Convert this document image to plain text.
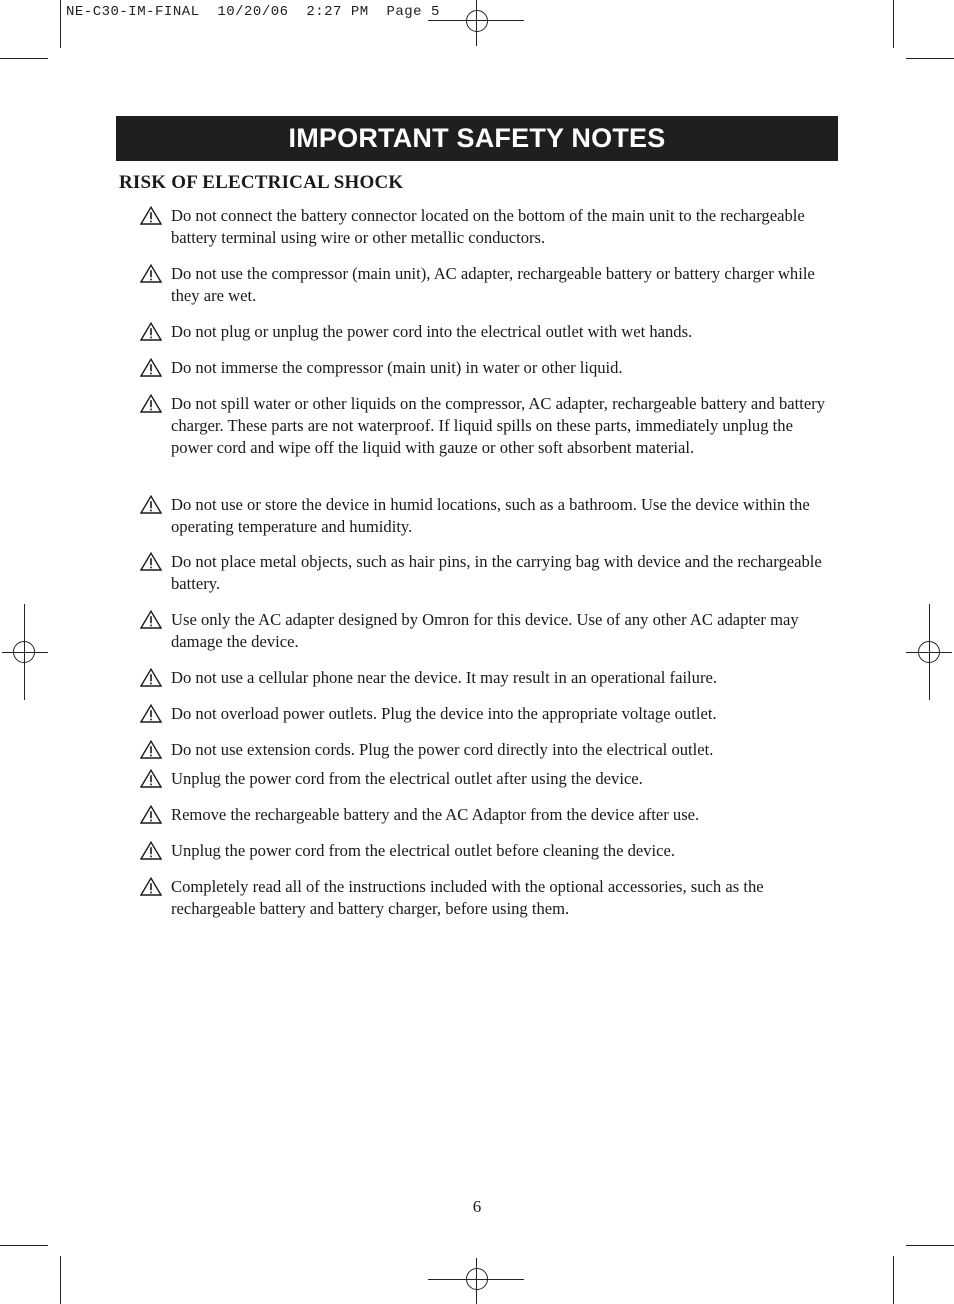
NE-C30-IM-FINAL  10/20/06  2:27 PM  Page 5
IMPORTANT SAFETY NOTES
RISK OF ELECTRICAL SHOCK
Do not connect the battery connector located on the bottom of the main unit to the rechargeable battery terminal using wire or other metallic conductors.
Do not use the compressor (main unit), AC adapter, rechargeable battery or battery charger while they are wet.
Do not plug or unplug the power cord into the electrical outlet with wet hands.
Do not immerse the compressor (main unit) in water or other liquid.
Do not spill water or other liquids on the compressor, AC adapter, rechargeable battery and battery charger. These parts are not waterproof. If liquid spills on these parts, immediately unplug the power cord and wipe off the liquid with gauze or other soft absorbent material.
Do not use or store the device in humid locations, such as a bathroom. Use the device within the operating temperature and humidity.
Do not place metal objects, such as hair pins, in the carrying bag with device and the rechargeable battery.
Use only the AC adapter designed by Omron for this device. Use of any other AC adapter may damage the device.
Do not use a cellular phone near the device. It may result in an operational failure.
Do not overload power outlets. Plug the device into the appropriate voltage outlet.
Do not use extension cords. Plug the power cord directly into the electrical outlet.
Unplug the power cord from the electrical outlet after using the device.
Remove the rechargeable battery and the AC Adaptor from the device after use.
Unplug the power cord from the electrical outlet before cleaning the device.
Completely read all of the instructions included with the optional accessories, such as the rechargeable battery and battery charger, before using them.
6
